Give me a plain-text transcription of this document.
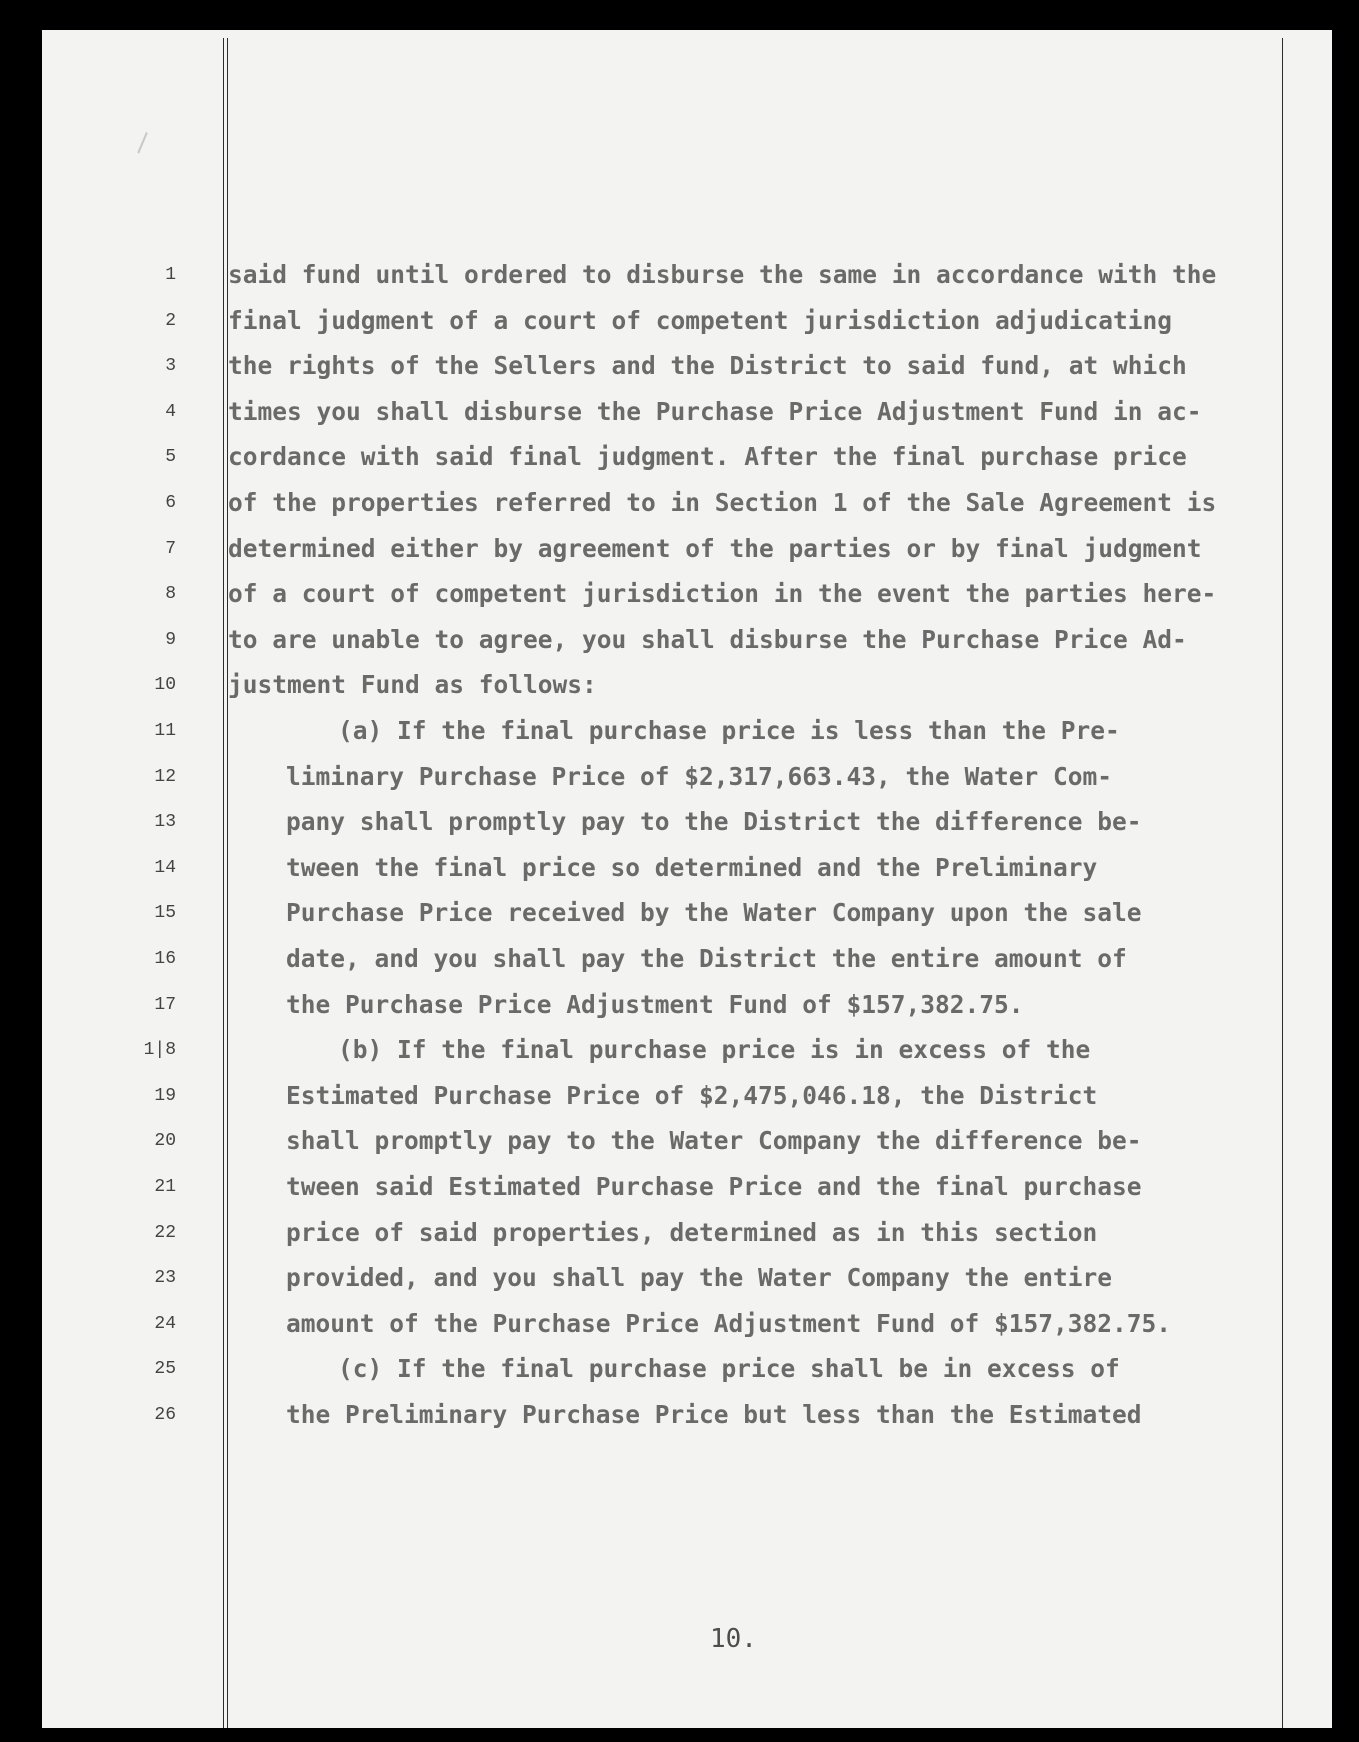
\
1
2
3
4
5
6
7
8
9
10
11
12
13
14
15
16
17
1|8
19
20
21
22
23
24
25
26
said fund until ordered to disburse the same in accordance with the
final judgment of a court of competent jurisdiction adjudicating
the rights of the Sellers and the District to said fund, at which
times you shall disburse the Purchase Price Adjustment Fund in ac-
cordance with said final judgment. After the final purchase price
of the properties referred to in Section 1 of the Sale Agreement is
determined either by agreement of the parties or by final judgment
of a court of competent jurisdiction in the event the parties here-
to are unable to agree, you shall disburse the Purchase Price Ad-
justment Fund as follows:
(a) If the final purchase price is less than the Pre-
liminary Purchase Price of $2,317,663.43, the Water Com-
pany shall promptly pay to the District the difference be-
tween the final price so determined and the Preliminary
Purchase Price received by the Water Company upon the sale
date, and you shall pay the District the entire amount of
the Purchase Price Adjustment Fund of $157,382.75.
(b) If the final purchase price is in excess of the
Estimated Purchase Price of $2,475,046.18, the District
shall promptly pay to the Water Company the difference be-
tween said Estimated Purchase Price and the final purchase
price of said properties, determined as in this section
provided, and you shall pay the Water Company the entire
amount of the Purchase Price Adjustment Fund of $157,382.75.
(c) If the final purchase price shall be in excess of
the Preliminary Purchase Price but less than the Estimated
10.
